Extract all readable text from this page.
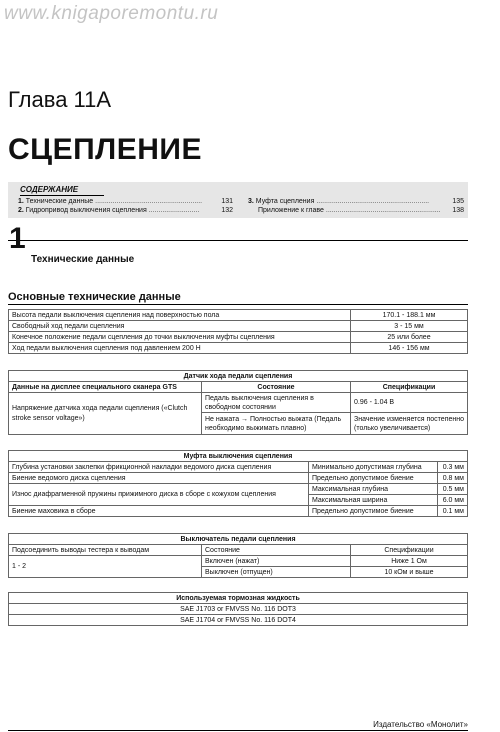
www.knigaporemontu.ru
Глава 11А
СЦЕПЛЕНИЕ
СОДЕРЖАНИЕ
1. Технические данные .......................................................	131
2. Гидропривод выключения сцепления ..........................	132
3. Муфта сцепления ..........................................................	135
Приложение к главе ........................................................... 138
1
Технические данные
Основные технические данные
Высота педали выключения сцепления над поверхностью пола	170.1 - 188.1 мм
Свободный ход педали сцепления	3 - 15 мм
Конечное положение педали сцепления до точки выключения муфты сцепления	25 или более
Ход педали выключения сцепления под давлением 200 Н	146 - 156 мм
Датчик хода педали сцепления		
Данные на дисплее специального сканера GTS	Состояние	Спецификации
Напряжение датчика хода педали сцепления («Clutch stroke sensor voltage»)	Педаль выключения сцепления в свободном состоянии	0.96 - 1.04 В
	Не нажата → Полностью выжата (Педаль необходимо выжимать плавно)	Значение изменяется постепенно (только увеличивается)
Муфта выключения сцепления		
Глубина установки заклепки фрикционной накладки ведомого диска сцепления	Минимально допустимая глубина	0.3 мм
Биение ведомого диска сцепления	Предельно допустимое биение	0.8 мм
Износ диафрагменной пружины прижимного диска в сборе с кожухом сцепления	Максимальная глубина	0.5 мм
	Максимальная ширина	6.0 мм
Биение маховика в сборе	Предельно допустимое биение	0.1 мм
Выключатель педали сцепления		
Подсоединить выводы тестера к выводам	Состояние	Спецификации
1 - 2	Включен (нажат)	Ниже 1 Ом
	Выключен (отпущен)	10 кОм и выше
Используемая тормозная жидкость
SAE J1703 or FMVSS No. 116 DOT3
SAE J1704 or FMVSS No. 116 DOT4
Издательство «Монолит»
